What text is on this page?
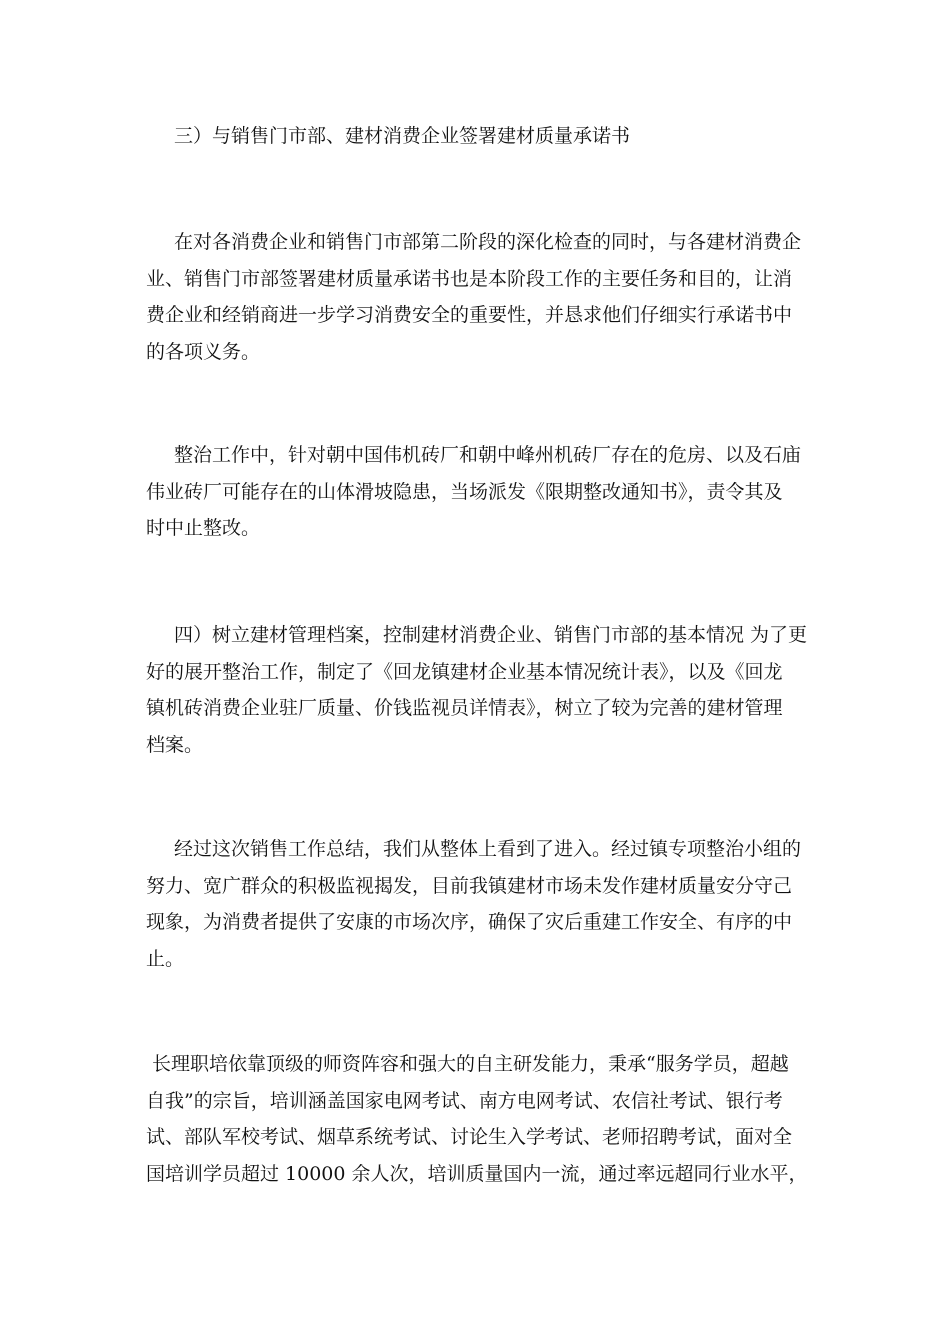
三）与销售门市部、建材消费企业签署建材质量承诺书

在对各消费企业和销售门市部第二阶段的深化检查的同时，与各建材消费企
业、销售门市部签署建材质量承诺书也是本阶段工作的主要任务和目的，让消
费企业和经销商进一步学习消费安全的重要性，并恳求他们仔细实行承诺书中
的各项义务。

整治工作中，针对朝中国伟机砖厂和朝中峰州机砖厂存在的危房、以及石庙
伟业砖厂可能存在的山体滑坡隐患，当场派发《限期整改通知书》，责令其及
时中止整改。

四）树立建材管理档案，控制建材消费企业、销售门市部的基本情况 为了更
好的展开整治工作，制定了《回龙镇建材企业基本情况统计表》，以及《回龙
镇机砖消费企业驻厂质量、价钱监视员详情表》，树立了较为完善的建材管理
档案。

经过这次销售工作总结，我们从整体上看到了进入。经过镇专项整治小组的
努力、宽广群众的积极监视揭发，目前我镇建材市场未发作建材质量安分守己
现象，为消费者提供了安康的市场次序，确保了灾后重建工作安全、有序的中
止。

长理职培依靠顶级的师资阵容和强大的自主研发能力，秉承“服务学员，超越
自我”的宗旨，培训涵盖国家电网考试、南方电网考试、农信社考试、银行考
试、部队军校考试、烟草系统考试、讨论生入学考试、老师招聘考试，面对全
国培训学员超过 10000 余人次，培训质量国内一流，通过率远超同行业水平，
